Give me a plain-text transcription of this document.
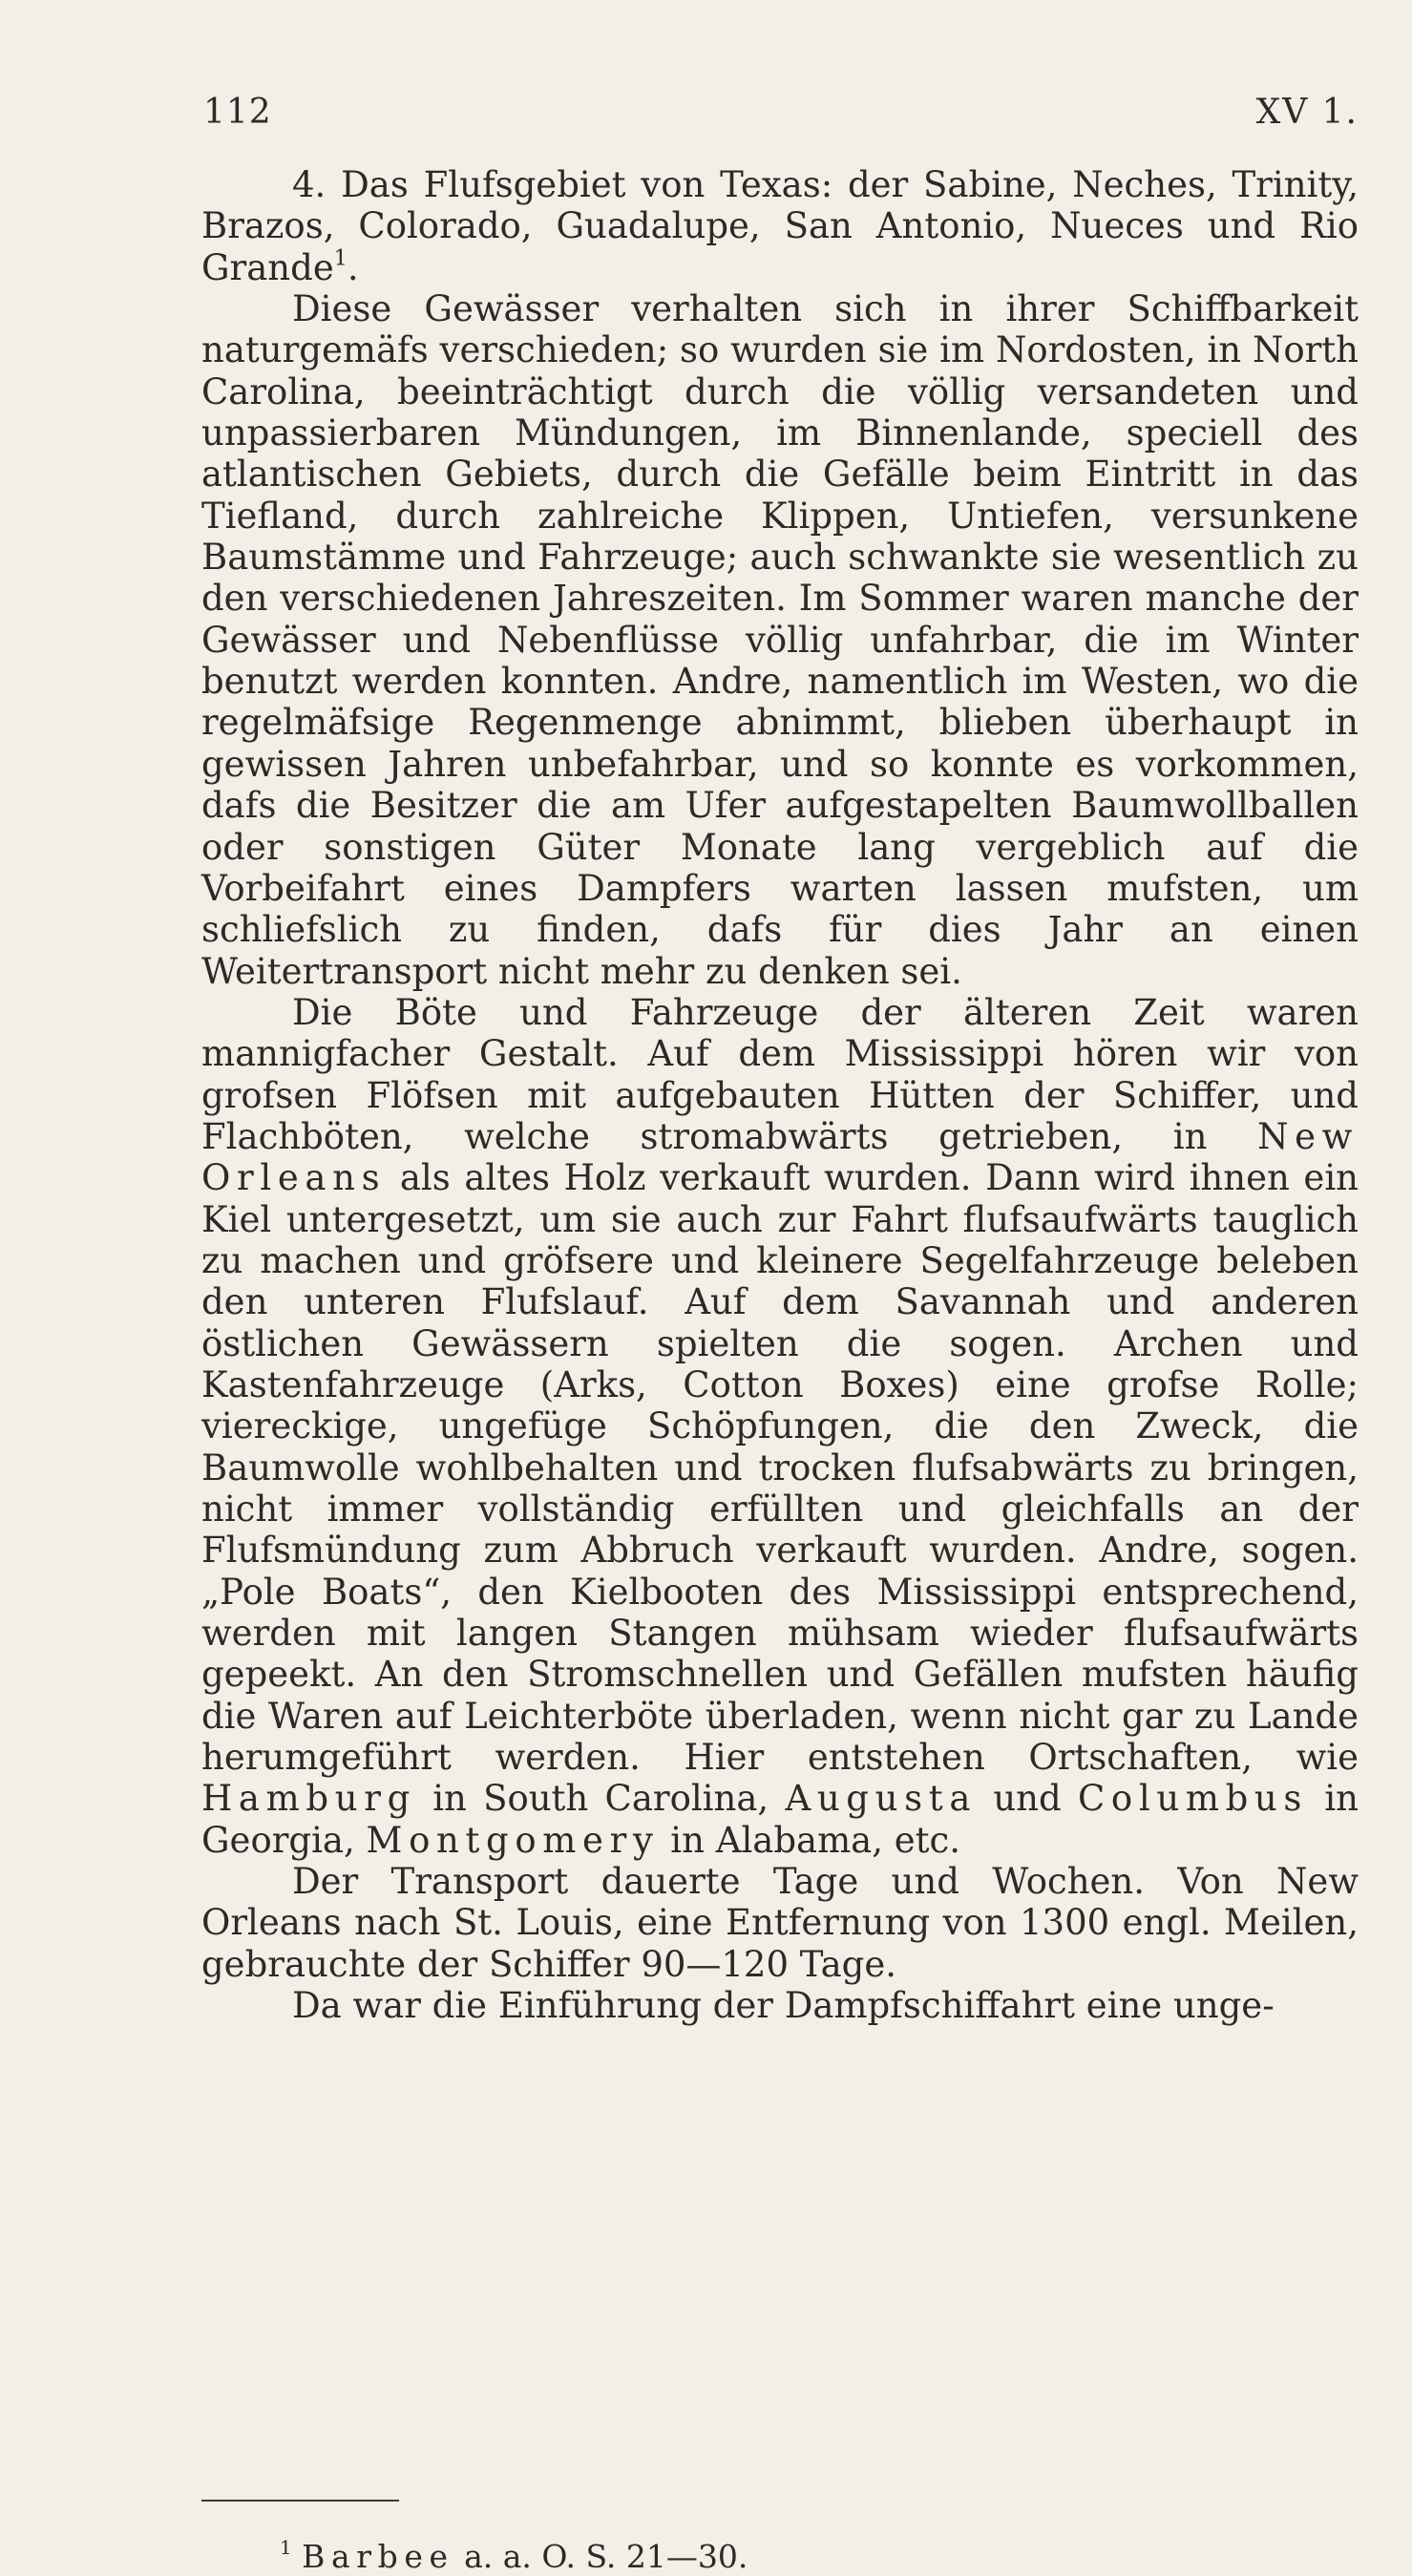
112	XV 1.

4. Das Flufsgebiet von Texas: der Sabine, Neches, Trinity, Brazos, Colorado, Guadalupe, San Antonio, Nueces und Rio Grande$^1$.

Diese Gewässer verhalten sich in ihrer Schiffbarkeit naturgemäfs verschieden; so wurden sie im Nordosten, in North Carolina, beeinträchtigt durch die völlig versandeten und unpassierbaren Mündungen, im Binnenlande, speciell des atlantischen Gebiets, durch die Gefälle beim Eintritt in das Tiefland, durch zahlreiche Klippen, Untiefen, versunkene Baumstämme und Fahrzeuge; auch schwankte sie wesentlich zu den verschiedenen Jahreszeiten. Im Sommer waren manche der Gewässer und Nebenflüsse völlig unfahrbar, die im Winter benutzt werden konnten. Andre, namentlich im Westen, wo die regelmäfsige Regenmenge abnimmt, blieben überhaupt in gewissen Jahren unbefahrbar, und so konnte es vorkommen, dafs die Besitzer die am Ufer aufgestapelten Baumwollballen oder sonstigen Güter Monate lang vergeblich auf die Vorbeifahrt eines Dampfers warten lassen mufsten, um schliefslich zu finden, dafs für dies Jahr an einen Weitertransport nicht mehr zu denken sei.

Die Böte und Fahrzeuge der älteren Zeit waren mannigfacher Gestalt. Auf dem Mississippi hören wir von grofsen Flöfsen mit aufgebauten Hütten der Schiffer, und Flachböten, welche stromabwärts getrieben, in New Orleans als altes Holz verkauft wurden. Dann wird ihnen ein Kiel untergesetzt, um sie auch zur Fahrt flufsaufwärts tauglich zu machen und gröfsere und kleinere Segelfahrzeuge beleben den unteren Flufslauf. Auf dem Savannah und anderen östlichen Gewässern spielten die sogen. Archen und Kastenfahrzeuge (Arks, Cotton Boxes) eine grofse Rolle; viereckige, ungefüge Schöpfungen, die den Zweck, die Baumwolle wohlbehalten und trocken flufsabwärts zu bringen, nicht immer vollständig erfüllten und gleichfalls an der Flufsmündung zum Abbruch verkauft wurden. Andre, sogen. „Pole Boats“, den Kielbooten des Mississippi entsprechend, werden mit langen Stangen mühsam wieder flufsaufwärts gepeekt. An den Stromschnellen und Gefällen mufsten häufig die Waren auf Leichterböte überladen, wenn nicht gar zu Lande herumgeführt werden. Hier entstehen Ortschaften, wie Hamburg in South Carolina, Augusta und Columbus in Georgia, Montgomery in Alabama, etc.

Der Transport dauerte Tage und Wochen. Von New Orleans nach St. Louis, eine Entfernung von 1300 engl. Meilen, gebrauchte der Schiffer 90—120 Tage.

Da war die Einführung der Dampfschiffahrt eine unge-

$^1$ Barbee a. a. O. S. 21—30.
